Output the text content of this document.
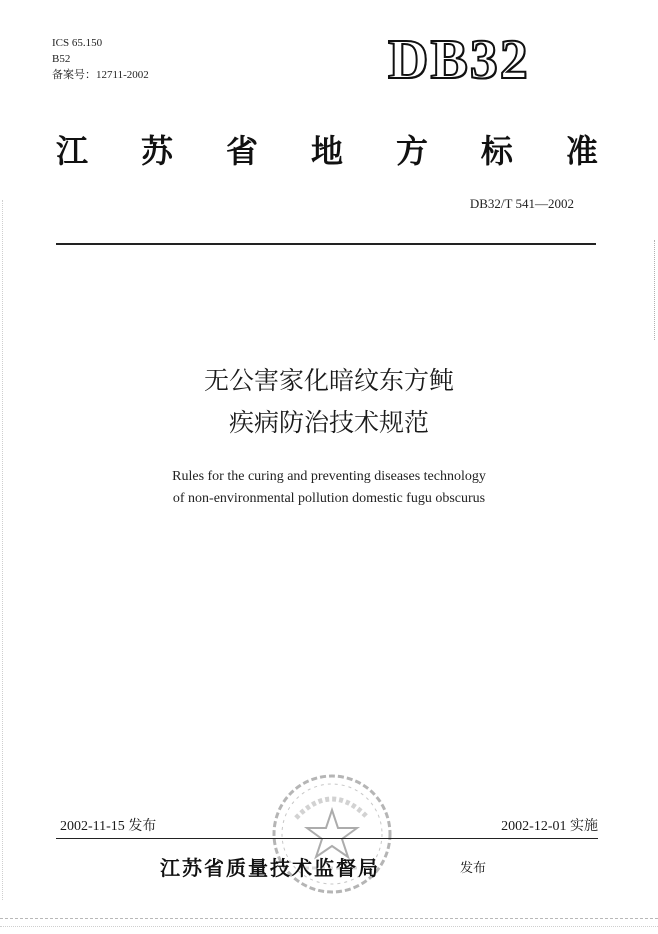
ICS 65.150
B52
备案号：12711-2002	DB32
江 苏 省 地 方 标 准
DB32/T 541—2002
无公害家化暗纹东方鲀
疾病防治技术规范
Rules for the curing and preventing diseases technology
of non-environmental pollution domestic fugu obscurus
2002-11-15 发布	2002-12-01 实施
江苏省质量技术监督局	发布
